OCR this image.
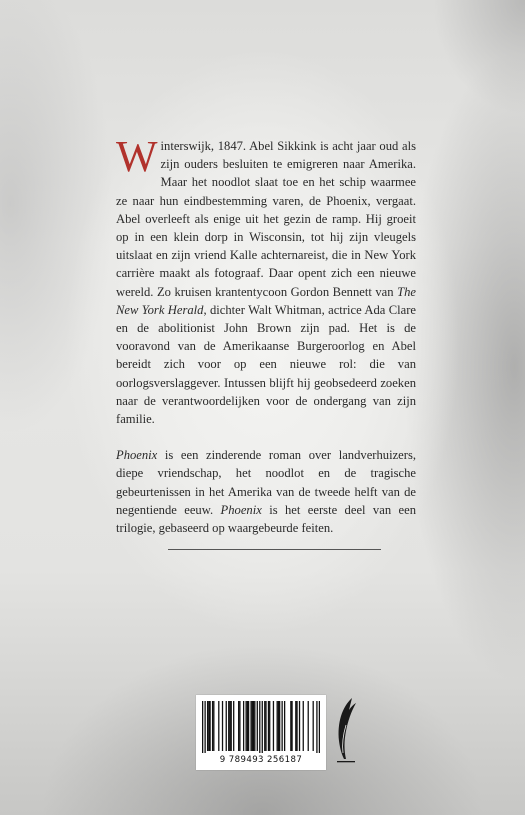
Winterswijk, 1847. Abel Sikkink is acht jaar oud als zijn ouders besluiten te emigreren naar Amerika. Maar het noodlot slaat toe en het schip waarmee ze naar hun eindbestemming varen, de Phoenix, vergaat. Abel overleeft als enige uit het gezin de ramp. Hij groeit op in een klein dorp in Wisconsin, tot hij zijn vleugels uitslaat en zijn vriend Kalle achternareist, die in New York carrière maakt als fotograaf. Daar opent zich een nieuwe wereld. Zo kruisen krantentycoon Gordon Bennett van The New York Herald, dichter Walt Whitman, actrice Ada Clare en de abolitionist John Brown zijn pad. Het is de vooravond van de Amerikaanse Burgeroorlog en Abel bereidt zich voor op een nieuwe rol: die van oorlogsverslaggever. Intussen blijft hij geobsedeerd zoeken naar de verantwoordelijken voor de ondergang van zijn familie.

Phoenix is een zinderende roman over landverhuizers, diepe vriendschap, het noodlot en de tragische gebeurtenissen in het Amerika van de tweede helft van de negentiende eeuw. Phoenix is het eerste deel van een trilogie, gebaseerd op waargebeurde feiten.

9 789493 256187
